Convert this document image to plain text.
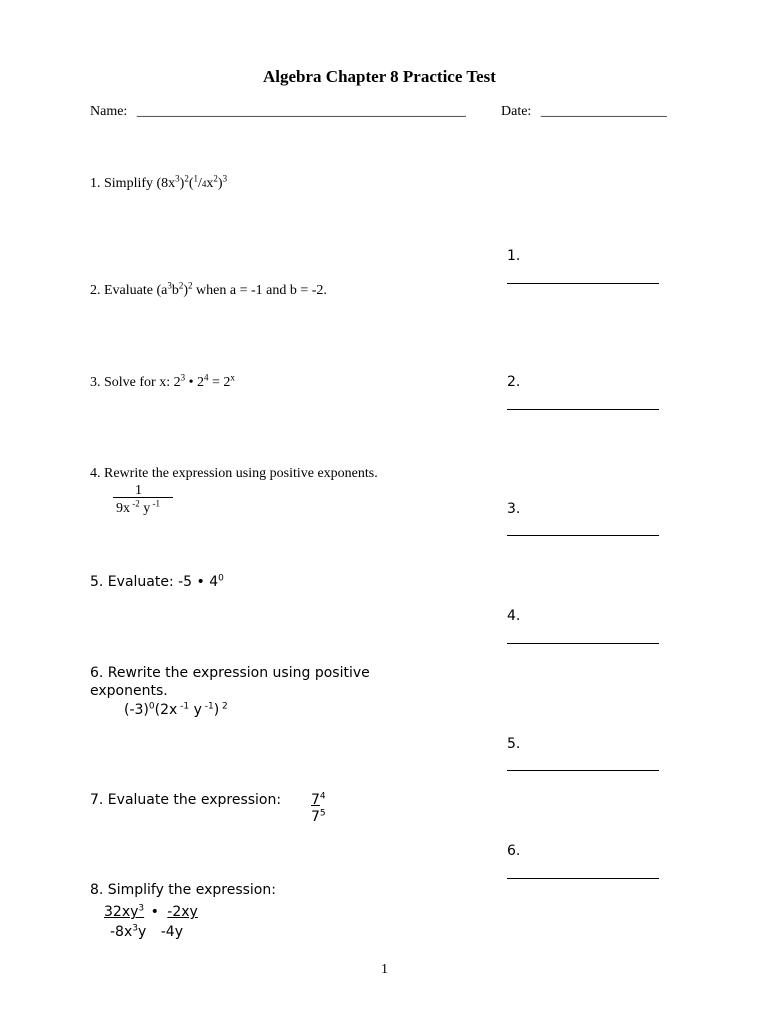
Algebra Chapter 8 Practice Test
Name: _______________________________________________	Date: __________________
1. Simplify $(8x^3)^2(^1/4x^2)^3$
2. Evaluate $(a^3b^2)^2$ when a = -1 and b = -2.
3. Solve for x: $2^3$ • $2^4 = 2^x$
4. Rewrite the expression using positive exponents.
1
9x $^{-2}$ y $^{-1}$
5. Evaluate: -5 • $4^0$
6. Rewrite the expression using positive
exponents.
$(-3)^0(2x$ $^{-1}$ y $^{-1}$) $^2$
7. Evaluate the expression: $7^4$
$7^5$
8. Simplify the expression:
$32xy^3$ • -2xy
$-8x^3y$ -4y
1.
2.
3.
4.
5.
6.
1
